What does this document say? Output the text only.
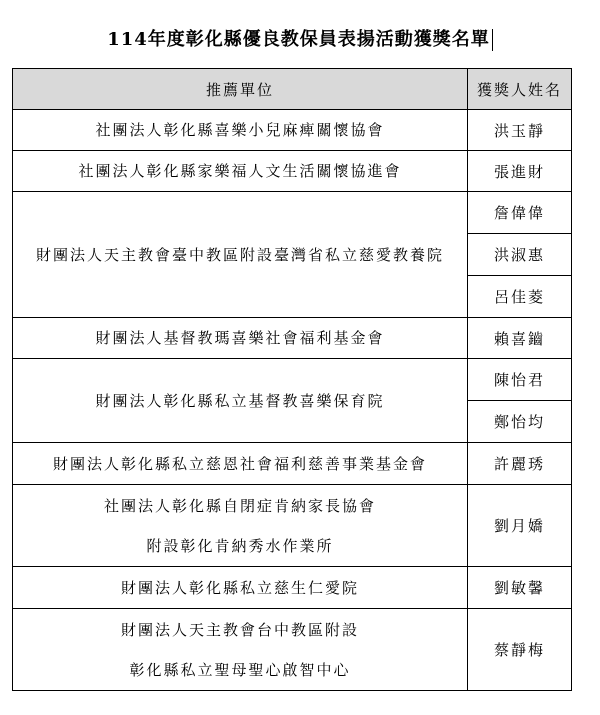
114年度彰化縣優良教保員表揚活動獲獎名單
推薦單位	獲獎人姓名

社團法人彰化縣喜樂小兒麻痺關懷協會	洪玉靜

社團法人彰化縣家樂福人文生活關懷協進會	張進財

財團法人天主教會臺中教區附設臺灣省私立慈愛教養院	詹偉偉
	洪淑惠
	呂佳菱

財團法人基督教瑪喜樂社會福利基金會	賴喜鑡

財團法人彰化縣私立基督教喜樂保育院	陳怡君
	鄭怡均

財團法人彰化縣私立慈恩社會福利慈善事業基金會	許麗琇

社團法人彰化縣自閉症肯納家長協會
附設彰化肯納秀水作業所	劉月嬌

財團法人彰化縣私立慈生仁愛院	劉敏馨

財團法人天主教會台中教區附設
彰化縣私立聖母聖心啟智中心	蔡靜梅
